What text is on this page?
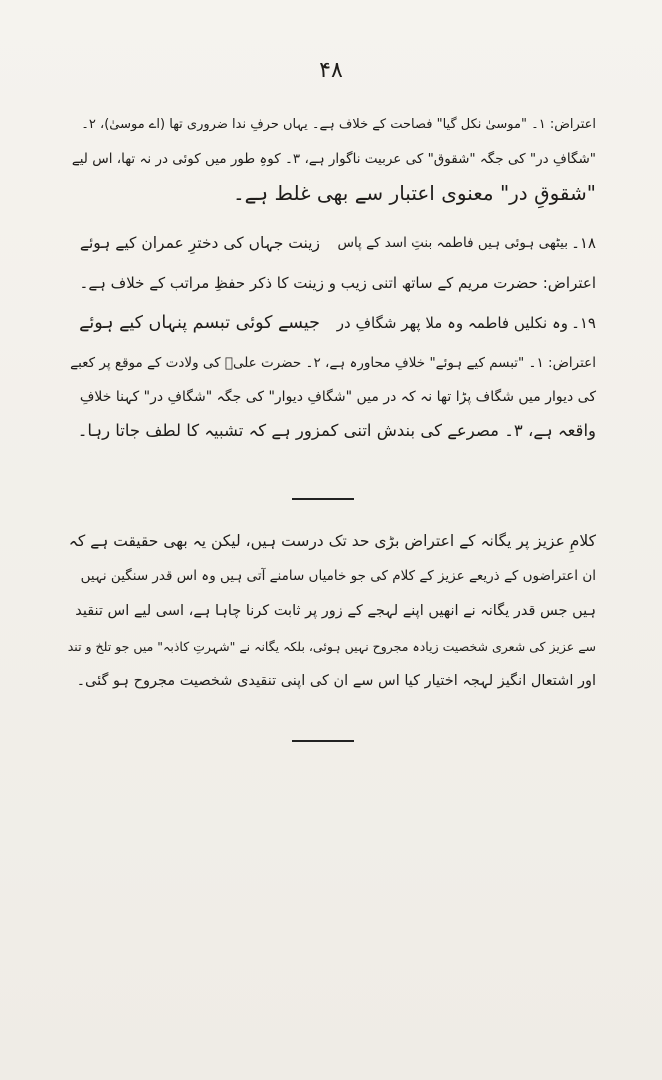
۴۸
اعتراض: ۱۔ "موسیٰ نکل گیا" فصاحت کے خلاف ہے۔ یہاں حرفِ ندا ضروری تھا (اے موسیٰ)، ۲۔
"شگافِ در" کی جگہ "شقوق" کی عربیت ناگوار ہے، ۳۔ کوہِ طور میں کوئی در نہ تھا، اس لیے
"شقوقِ در" معنوی اعتبار سے بھی غلط ہے۔
۱۸۔
بیٹھی ہوئی ہیں فاطمہ بنتِ اسد کے پاس
زینت جہاں کی دخترِ عمران کیے ہوئے
اعتراض: حضرت مریم کے ساتھ اتنی زیب و زینت کا ذکر حفظِ مراتب کے خلاف ہے۔
۱۹۔
وہ نکلیں فاطمہ وہ ملا پھر شگافِ در
جیسے کوئی تبسم پنہاں کیے ہوئے
اعتراض: ۱۔ "تبسم کیے ہوئے" خلافِ محاورہ ہے، ۲۔ حضرت علیؑ کی ولادت کے موقع پر کعبے
کی دیوار میں شگاف پڑا تھا نہ کہ در میں "شگافِ دیوار" کی جگہ "شگافِ در" کہنا خلافِ
واقعہ ہے، ۳۔ مصرعے کی بندش اتنی کمزور ہے کہ تشبیہ کا لطف جاتا رہا۔
کلامِ عزیز پر یگانہ کے اعتراض بڑی حد تک درست ہیں، لیکن یہ بھی حقیقت ہے کہ
ان اعتراضوں کے ذریعے عزیز کے کلام کی جو خامیاں سامنے آتی ہیں وہ اس قدر سنگین نہیں
ہیں جس قدر یگانہ نے انھیں اپنے لہجے کے زور پر ثابت کرنا چاہا ہے، اسی لیے اس تنقید
سے عزیز کی شعری شخصیت زیادہ مجروح نہیں ہوئی، بلکہ یگانہ نے "شہرتِ کاذبہ" میں جو تلخ و تند
اور اشتعال انگیز لہجہ اختیار کیا اس سے ان کی اپنی تنقیدی شخصیت مجروح ہو گئی۔
